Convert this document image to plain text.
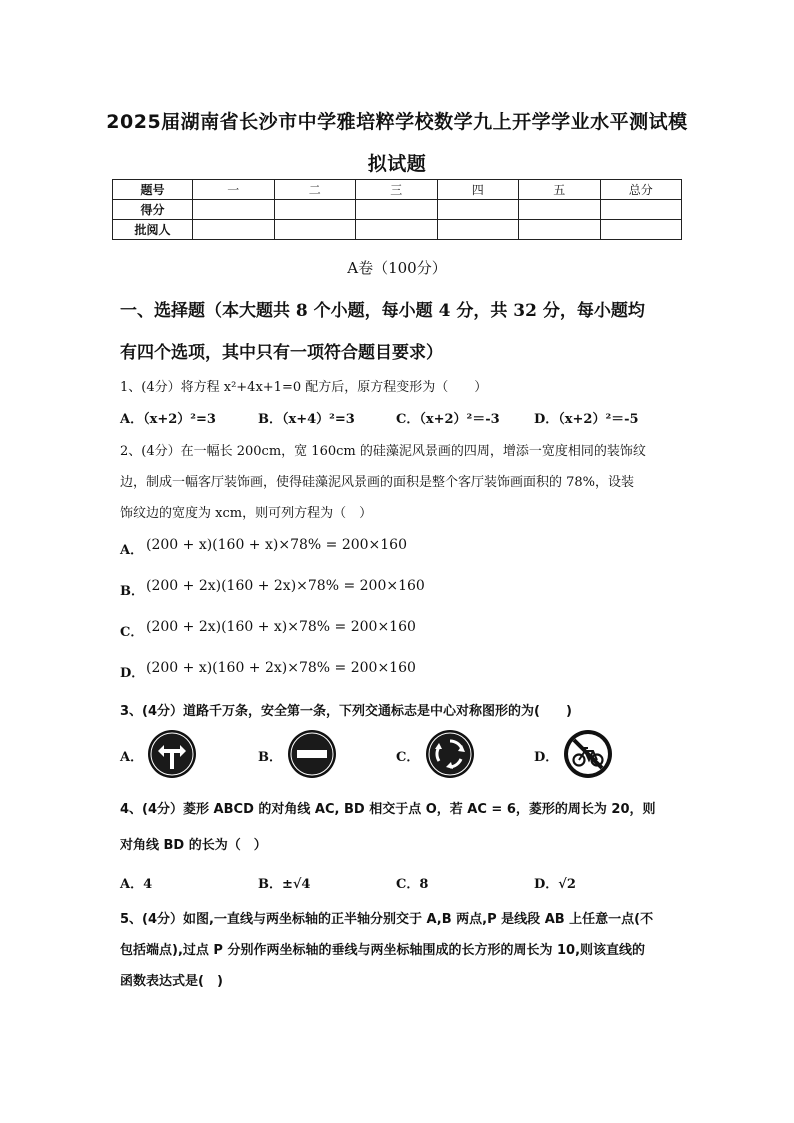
2025届湖南省长沙市中学雅培粹学校数学九上开学学业水平测试模
拟试题
题号	一	二	三	四	五	总分
得分						
批阅人						
A卷（100分）
一、选择题（本大题共 8 个小题，每小题 4 分，共 32 分，每小题均
有四个选项，其中只有一项符合题目要求）
1、(4分）将方程 x²+4x+1=0 配方后，原方程变形为（　　）
A．（x+2）²=3	B．（x+4）²=3	C．（x+2）²＝-3	D．（x+2）²＝-5
2、(4分）在一幅长 200cm，宽 160cm 的硅藻泥风景画的四周，增添一宽度相同的装饰纹
边，制成一幅客厅装饰画，使得硅藻泥风景画的面积是整个客厅装饰画面积的 78%，设装
饰纹边的宽度为 xcm，则可列方程为（　）
A． (200 + x)(160 + x)×78% = 200×160
B． (200 + 2x)(160 + 2x)×78% = 200×160
C． (200 + 2x)(160 + x)×78% = 200×160
D． (200 + x)(160 + 2x)×78% = 200×160
3、(4分）道路千万条，安全第一条，下列交通标志是中心对称图形的为(　　)
A．	B．	C．	D．
4、(4分）菱形 ABCD 的对角线 AC, BD 相交于点 O，若 AC = 6，菱形的周长为 20，则
对角线 BD 的长为（　）
A．4	B．±√4	C．8	D．√2
5、(4分）如图,一直线与两坐标轴的正半轴分别交于 A,B 两点,P 是线段 AB 上任意一点(不
包括端点),过点 P 分别作两坐标轴的垂线与两坐标轴围成的长方形的周长为 10,则该直线的
函数表达式是(　)
